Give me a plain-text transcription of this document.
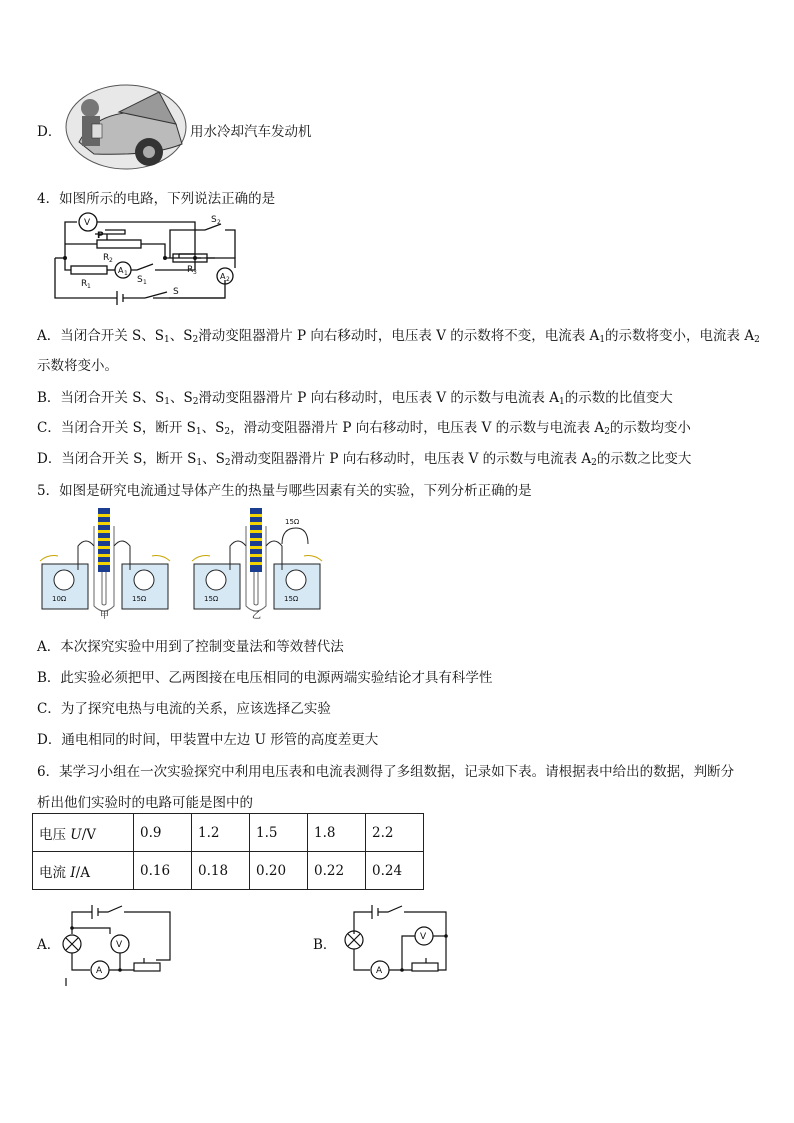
D．	用水冷却汽车发动机
4．如图所示的电路，下列说法正确的是
V
P
R 2
R 1
A 1
S 1
R 3	A 2
S 2
S
A．当闭合开关 S、$S_1$、$S_2$滑动变阻器滑片 P 向右移动时，电压表 V 的示数将不变，电流表 $A_1$的示数将变小，电流表 $A_2$
示数将变小。
B．当闭合开关 S、$S_1$、$S_2$滑动变阻器滑片 P 向右移动时，电压表 V 的示数与电流表 $A_1$的示数的比值变大
C．当闭合开关 S，断开 $S_1$、$S_2$，滑动变阻器滑片 P 向右移动时，电压表 V 的示数与电流表 $A_2$的示数均变小
D．当闭合开关 S，断开 $S_1$、$S_2$滑动变阻器滑片 P 向右移动时，电压表 V 的示数与电流表 $A_2$的示数之比变大
5．如图是研究电流通过导体产生的热量与哪些因素有关的实验，下列分析正确的是
10Ω	15Ω	15Ω	15Ω
15Ω
甲	乙
A．本次探究实验中用到了控制变量法和等效替代法
B．此实验必须把甲、乙两图接在电压相同的电源两端实验结论才具有科学性
C．为了探究电热与电流的关系，应该选择乙实验
D．通电相同的时间，甲装置中左边 U 形管的高度差更大
6．某学习小组在一次实验探究中利用电压表和电流表测得了多组数据，记录如下表。请根据表中给出的数据，判断分
析出他们实验时的电路可能是图中的
电压 U/V	0.9	1.2	1.5	1.8	2.2
电流 I/A	0.16	0.18	0.20	0.22	0.24
A．	V
A
B．	V
A
